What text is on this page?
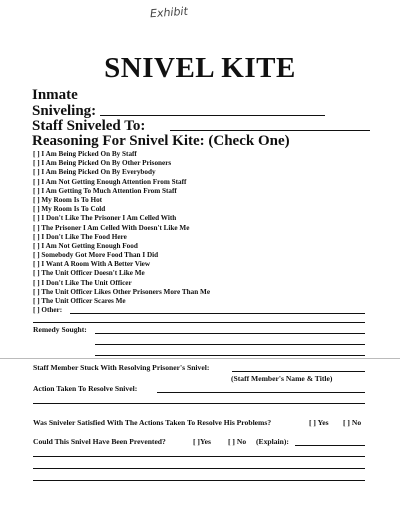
Exhibit
SNIVEL KITE
Inmate
Sniveling:
Staff Sniveled To:
Reasoning For Snivel Kite: (Check One)
[ ] I Am Being Picked On By Staff
[ ] I Am Being Picked On By Other Prisoners
[ ] I Am Being Picked On By Everybody
[ ] I Am Not Getting Enough Attention From Staff
[ ] I Am Getting To Much Attention From Staff
[ ] My Room Is To Hot
[ ] My Room Is To Cold
[ ] I Don't Like The Prisoner I Am Celled With
[ ] The Prisoner I Am Celled With Doesn't Like Me
[ ] I Don't Like The Food Here
[ ] I Am Not Getting Enough Food
[ ] Somebody Got More Food Than I Did
[ ] I Want A Room With A Better View
[ ] The Unit Officer Doesn't Like Me
[ ] I Don't Like The Unit Officer
[ ] The Unit Officer Likes Other Prisoners More Than Me
[ ] The Unit Officer Scares Me
[ ] Other:
Remedy Sought:
Staff Member Stuck With Resolving Prisoner's Snivel:
(Staff Member's Name & Title)
Action Taken To Resolve Snivel:
Was Sniveler Satisfied With The Actions Taken To Resolve His Problems?	[ ] Yes [ ] No
Could This Snivel Have Been Prevented?	[ ]Yes [ ] No (Explain):
